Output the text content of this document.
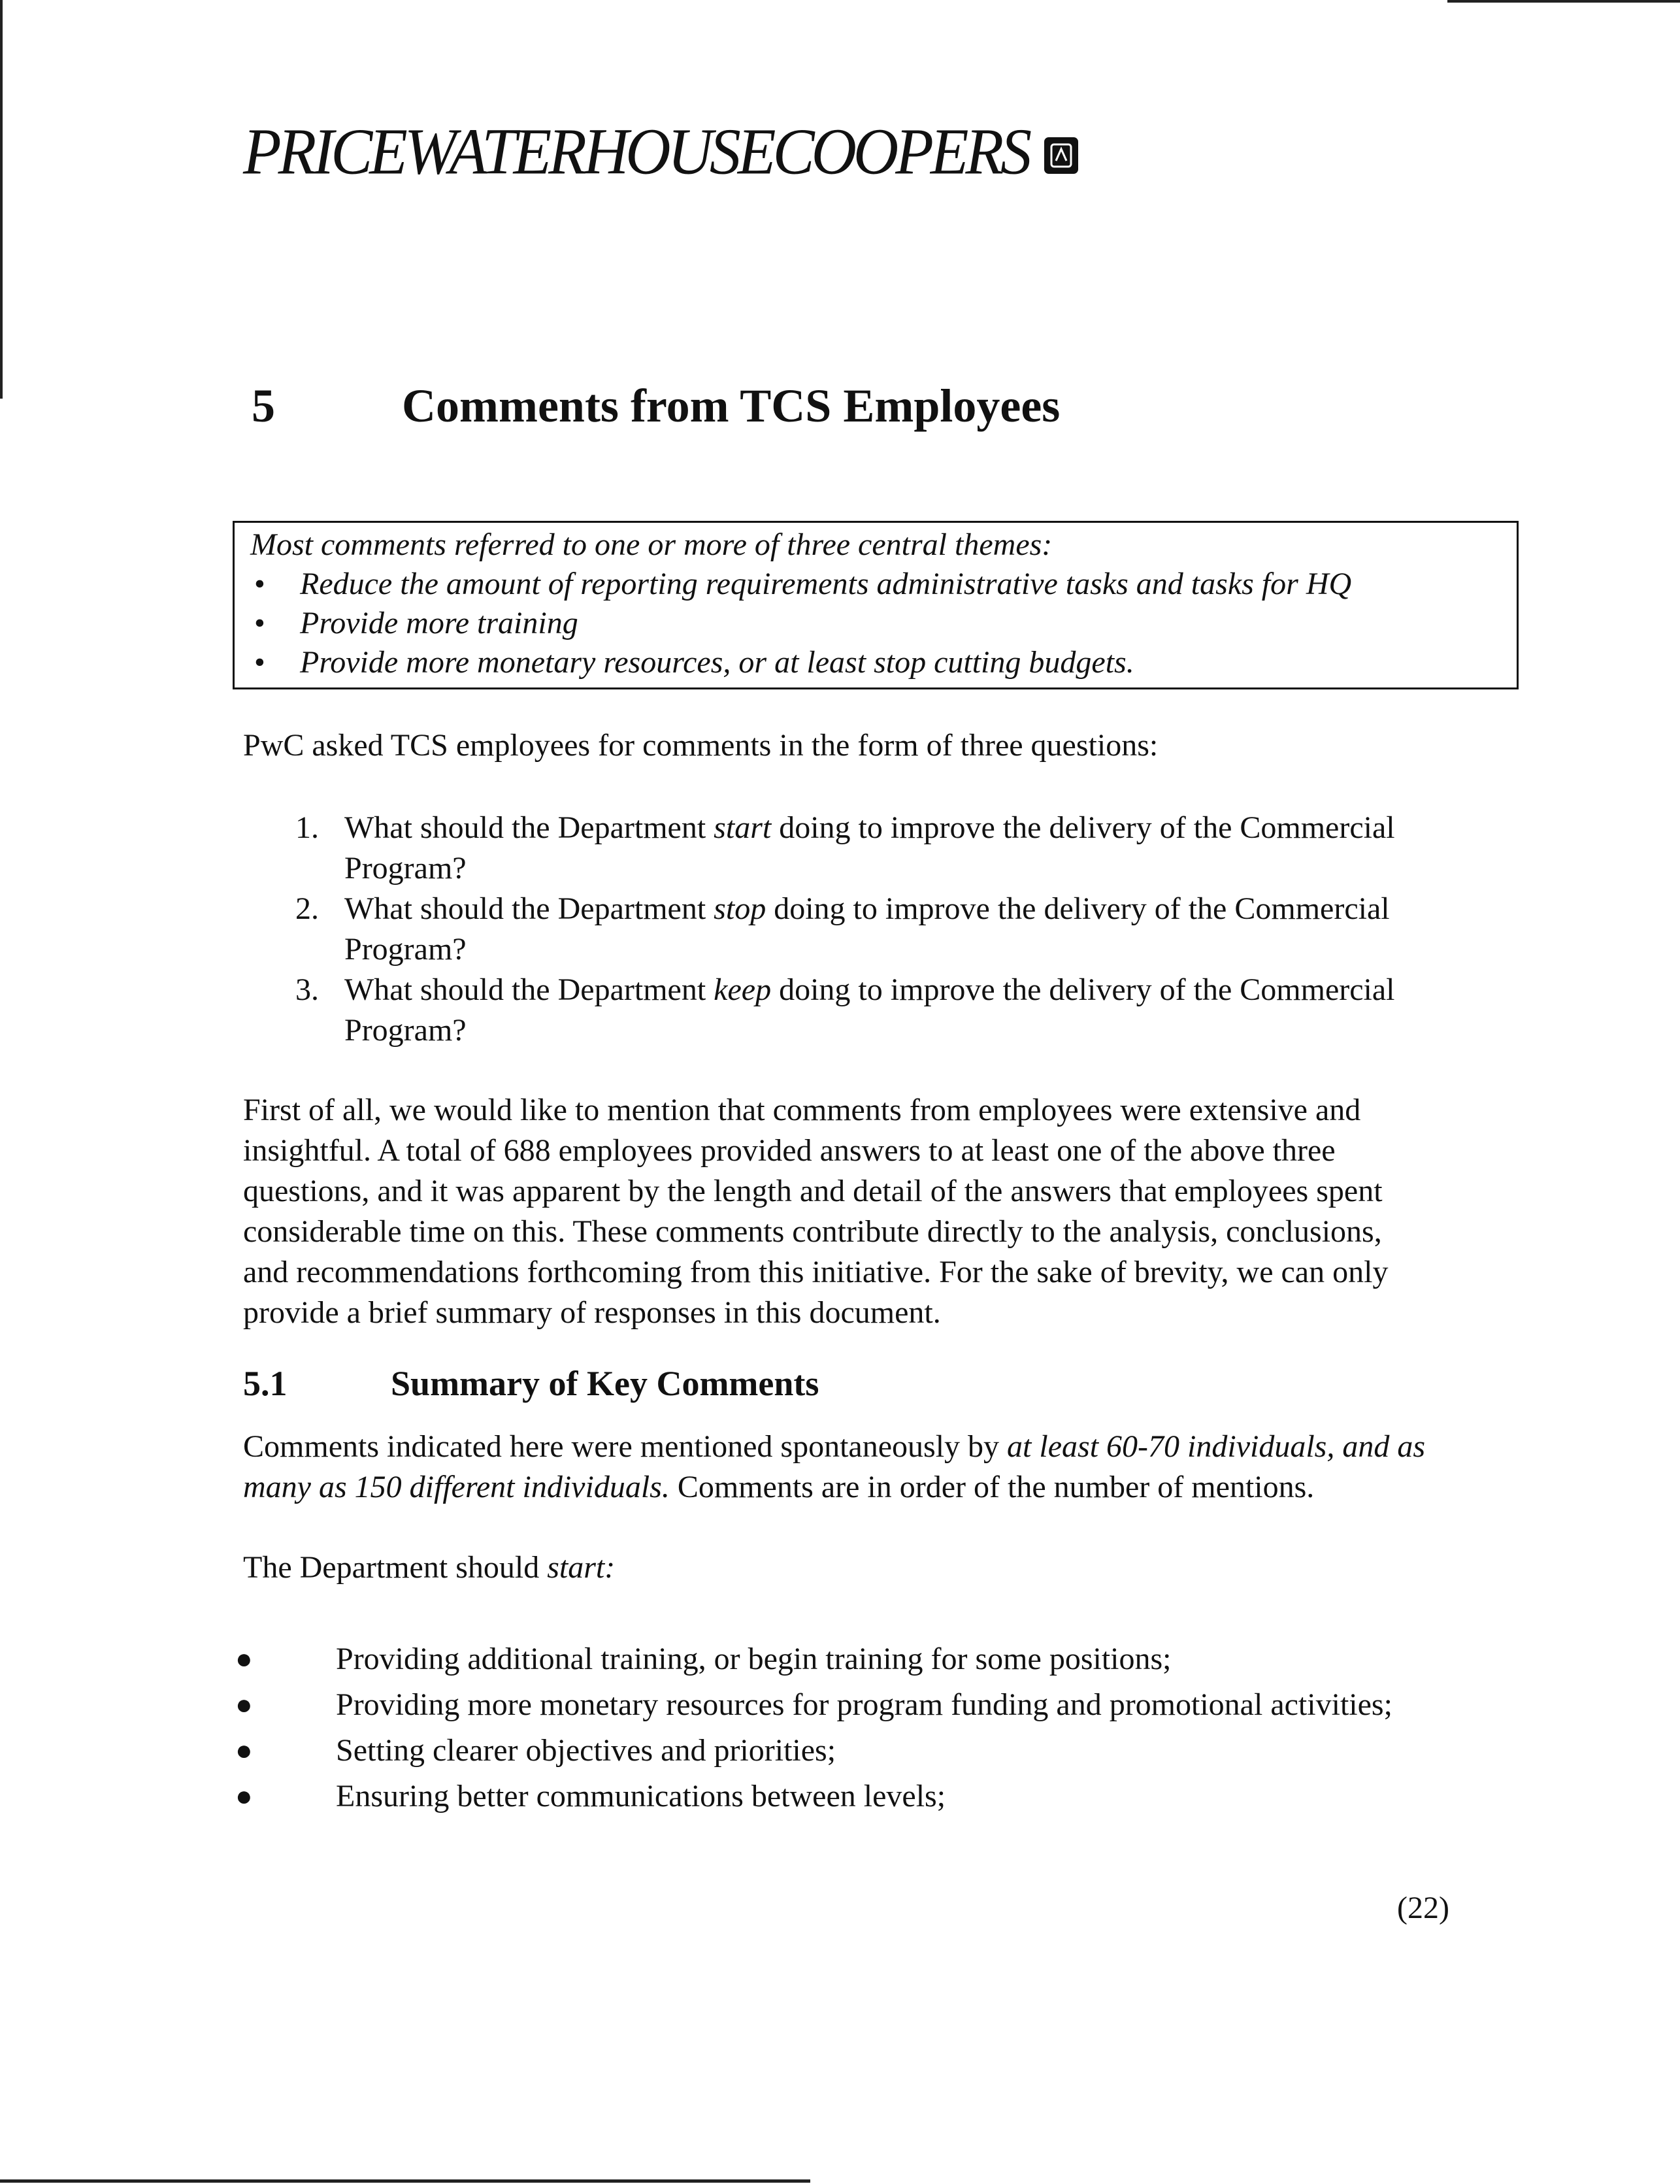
PRICEWATERHOUSECOOPERS
5	Comments from TCS Employees
Most comments referred to one or more of three central themes:
• Reduce the amount of reporting requirements administrative tasks and tasks for HQ
• Provide more training
• Provide more monetary resources, or at least stop cutting budgets.
PwC asked TCS employees for comments in the form of three questions:
1. What should the Department start doing to improve the delivery of the Commercial
Program?
2. What should the Department stop doing to improve the delivery of the Commercial
Program?
3. What should the Department keep doing to improve the delivery of the Commercial
Program?
First of all, we would like to mention that comments from employees were extensive and
insightful. A total of 688 employees provided answers to at least one of the above three
questions, and it was apparent by the length and detail of the answers that employees spent
considerable time on this. These comments contribute directly to the analysis, conclusions,
and recommendations forthcoming from this initiative. For the sake of brevity, we can only
provide a brief summary of responses in this document.
5.1	Summary of Key Comments
Comments indicated here were mentioned spontaneously by at least 60-70 individuals, and as
many as 150 different individuals. Comments are in order of the number of mentions.
The Department should start:
●	Providing additional training, or begin training for some positions;
●	Providing more monetary resources for program funding and promotional activities;
●	Setting clearer objectives and priorities;
●	Ensuring better communications between levels;
(22)
